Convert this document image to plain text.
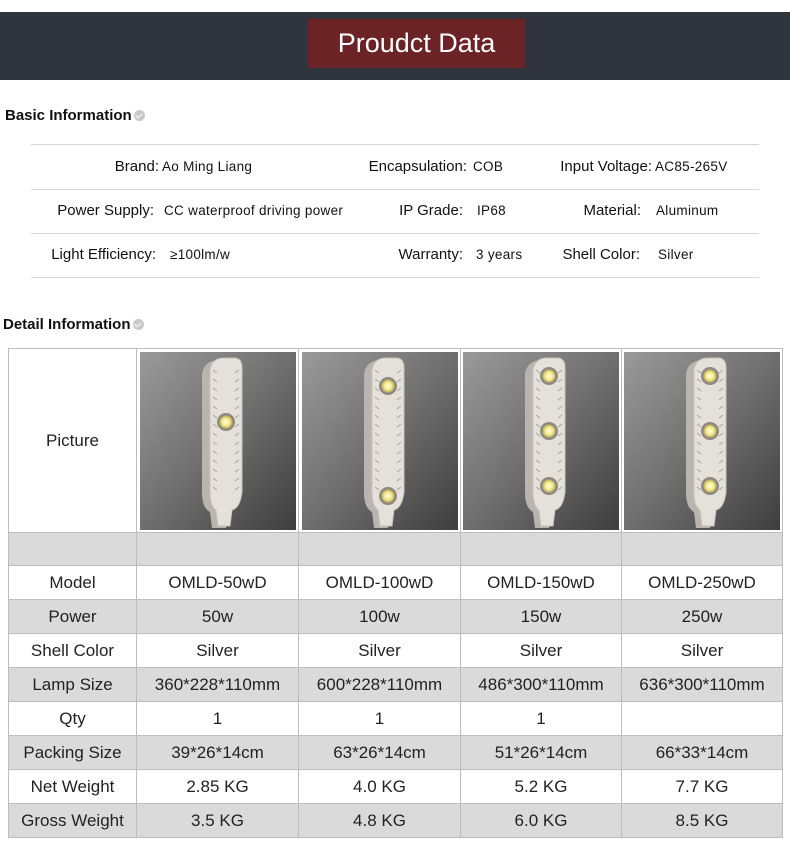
Proudct Data
Basic Information
Brand: Ao Ming Liang	Encapsulation: COB	Input Voltage: AC85-265V
Power Supply: CC waterproof driving power	IP Grade: IP68	Material: Aluminum
Light Efficiency: ≥100lm/w	Warranty: 3 years	Shell Color: Silver
Detail Information
Picture	

Model	OMLD-50wD	OMLD-100wD	OMLD-150wD	OMLD-250wD
Power	50w	100w	150w	250w
Shell Color	Silver	Silver	Silver	Silver
Lamp Size	360*228*110mm	600*228*110mm	486*300*110mm	636*300*110mm
Qty	1	1	1	
Packing Size	39*26*14cm	63*26*14cm	51*26*14cm	66*33*14cm
Net Weight	2.85 KG	4.0 KG	5.2 KG	7.7 KG
Gross Weight	3.5 KG	4.8 KG	6.0 KG	8.5 KG
